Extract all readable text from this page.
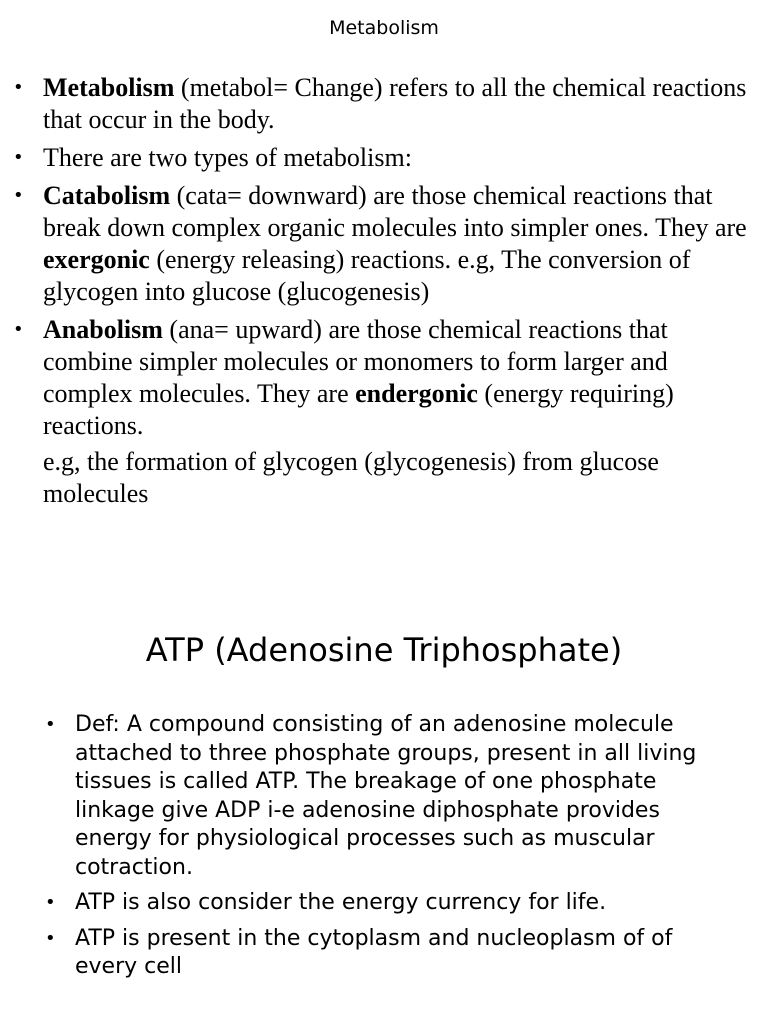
Metabolism
• Metabolism (metabol= Change) refers to all the chemical reactions that occur in the body.
• There are two types of metabolism:
• Catabolism (cata= downward) are those chemical reactions that break down complex organic molecules into simpler ones. They are exergonic (energy releasing) reactions. e.g, The conversion of glycogen into glucose (glucogenesis)
• Anabolism (ana= upward) are those chemical reactions that combine simpler molecules or monomers to form larger and complex molecules. They are endergonic (energy requiring) reactions.
e.g, the formation of glycogen (glycogenesis) from glucose molecules
ATP (Adenosine Triphosphate)
• Def: A compound consisting of an adenosine molecule attached to three phosphate groups, present in all living tissues is called ATP. The breakage of one phosphate linkage give ADP i-e adenosine diphosphate provides energy for physiological processes such as muscular cotraction.
• ATP is also consider the energy currency for life.
• ATP is present in the cytoplasm and nucleoplasm of of every cell
